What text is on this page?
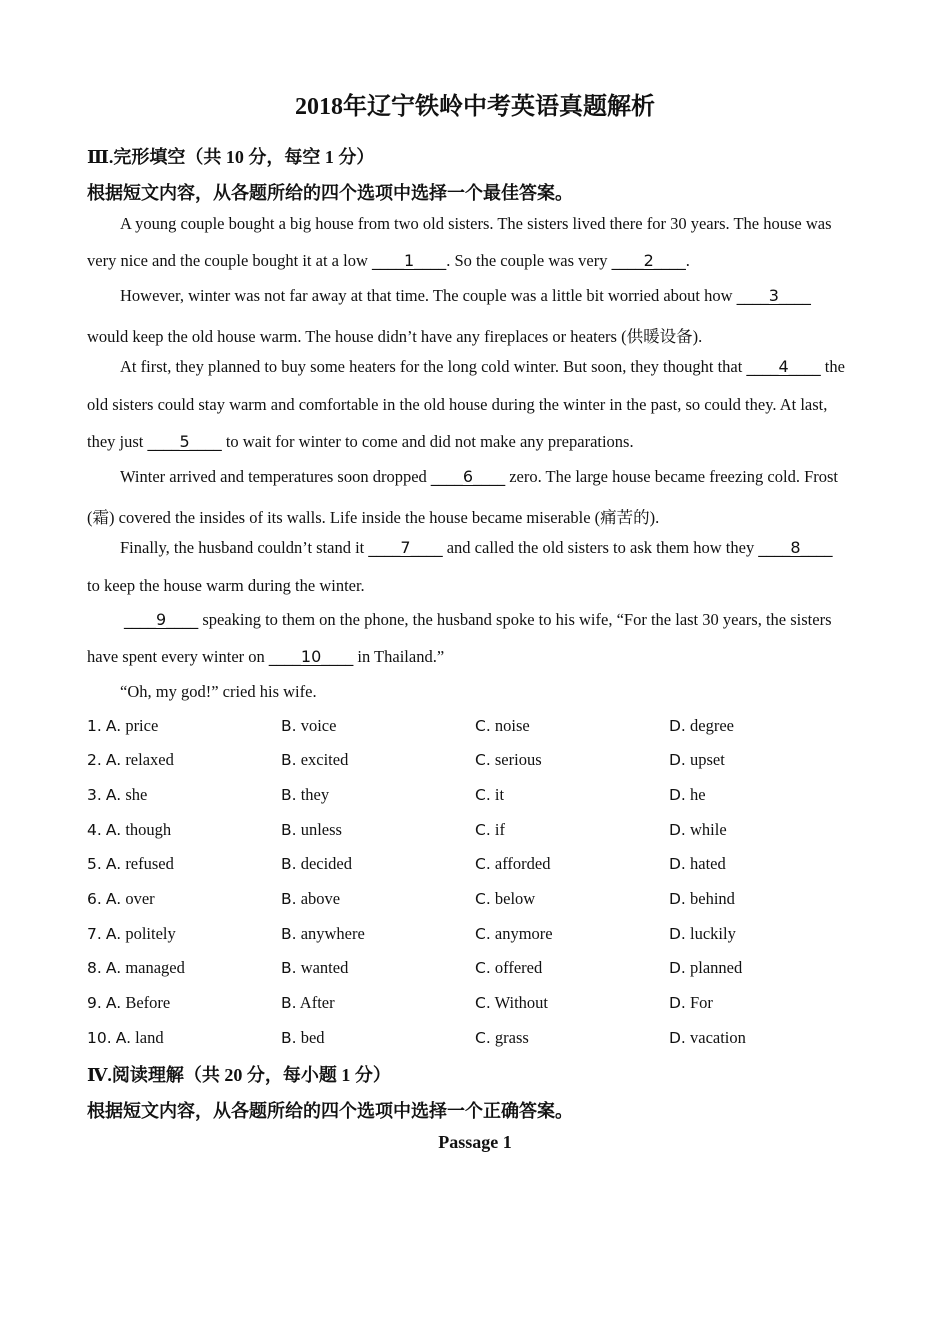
2018年辽宁铁岭中考英语真题解析
Ⅲ.完形填空（共 10 分，每空 1 分）
根据短文内容，从各题所给的四个选项中选择一个最佳答案。
A young couple bought a big house from two old sisters. The sisters lived there for 30 years. The house was
very nice and the couple bought it at a low ____1____. So the couple was very ____2____.
However, winter was not far away at that time. The couple was a little bit worried about how ____3____
would keep the old house warm. The house didn’t have any fireplaces or heaters (供暖设备).
At first, they planned to buy some heaters for the long cold winter. But soon, they thought that ____4____ the
old sisters could stay warm and comfortable in the old house during the winter in the past, so could they. At last,
they just ____5____ to wait for winter to come and did not make any preparations.
Winter arrived and temperatures soon dropped ____6____ zero. The large house became freezing cold. Frost
(霜) covered the insides of its walls. Life inside the house became miserable (痛苦的).
Finally, the husband couldn’t stand it ____7____ and called the old sisters to ask them how they ____8____
to keep the house warm during the winter.
____9____ speaking to them on the phone, the husband spoke to his wife, “For the last 30 years, the sisters
have spent every winter on ____10____ in Thailand.”
“Oh, my god!” cried his wife.
1. A. price	B. voice	C. noise	D. degree
2. A. relaxed	B. excited	C. serious	D. upset
3. A. she	B. they	C. it	D. he
4. A. though	B. unless	C. if	D. while
5. A. refused	B. decided	C. afforded	D. hated
6. A. over	B. above	C. below	D. behind
7. A. politely	B. anywhere	C. anymore	D. luckily
8. A. managed	B. wanted	C. offered	D. planned
9. A. Before	B. After	C. Without	D. For
10. A. land	B. bed	C. grass	D. vacation
Ⅳ.阅读理解（共 20 分，每小题 1 分）
根据短文内容，从各题所给的四个选项中选择一个正确答案。
Passage 1
